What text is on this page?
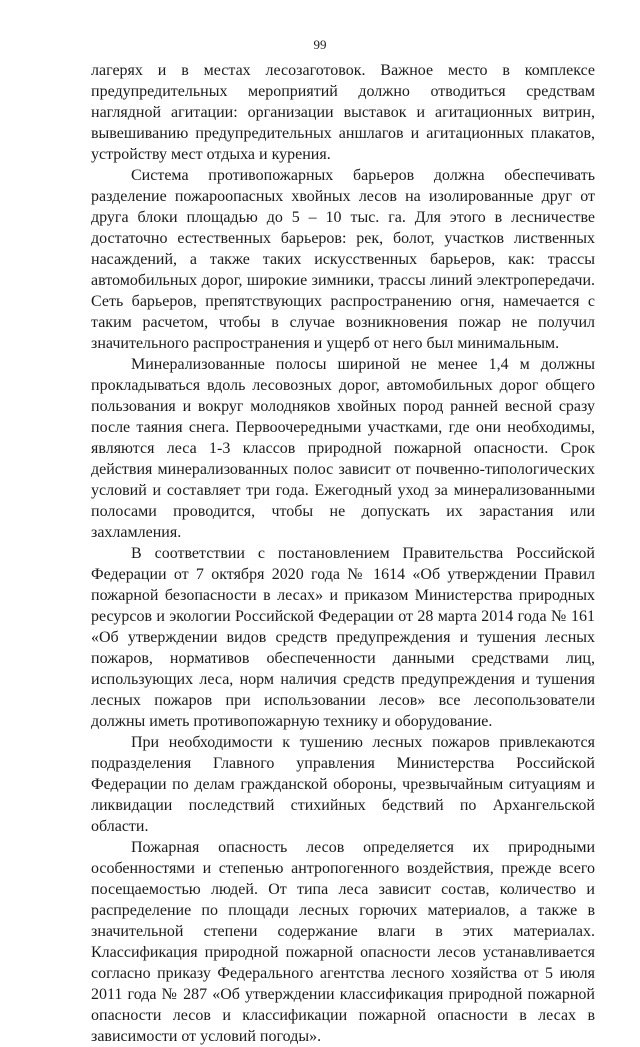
99

лагерях и в местах лесозаготовок. Важное место в комплексе предупредительных мероприятий должно отводиться средствам наглядной агитации: организации выставок и агитационных витрин, вывешиванию предупредительных аншлагов и агитационных плакатов, устройству мест отдыха и курения.

Система противопожарных барьеров должна обеспечивать разделение пожароопасных хвойных лесов на изолированные друг от друга блоки площадью до 5 – 10 тыс. га. Для этого в лесничестве достаточно естественных барьеров: рек, болот, участков лиственных насаждений, а также таких искусственных барьеров, как: трассы автомобильных дорог, широкие зимники, трассы линий электропередачи. Сеть барьеров, препятствующих распространению огня, намечается с таким расчетом, чтобы в случае возникновения пожар не получил значительного распространения и ущерб от него был минимальным.

Минерализованные полосы шириной не менее 1,4 м должны прокладываться вдоль лесовозных дорог, автомобильных дорог общего пользования и вокруг молодняков хвойных пород ранней весной сразу после таяния снега. Первоочередными участками, где они необходимы, являются леса 1-3 классов природной пожарной опасности. Срок действия минерализованных полос зависит от почвенно-типологических условий и составляет три года. Ежегодный уход за минерализованными полосами проводится, чтобы не допускать их зарастания или захламления.

В соответствии с постановлением Правительства Российской Федерации от 7 октября 2020 года № 1614 «Об утверждении Правил пожарной безопасности в лесах» и приказом Министерства природных ресурсов и экологии Российской Федерации от 28 марта 2014 года № 161 «Об утверждении видов средств предупреждения и тушения лесных пожаров, нормативов обеспеченности данными средствами лиц, использующих леса, норм наличия средств предупреждения и тушения лесных пожаров при использовании лесов» все лесопользователи должны иметь противопожарную технику и оборудование.

При необходимости к тушению лесных пожаров привлекаются подразделения Главного управления Министерства Российской Федерации по делам гражданской обороны, чрезвычайным ситуациям и ликвидации последствий стихийных бедствий по Архангельской области.

Пожарная опасность лесов определяется их природными особенностями и степенью антропогенного воздействия, прежде всего посещаемостью людей. От типа леса зависит состав, количество и распределение по площади лесных горючих материалов, а также в значительной степени содержание влаги в этих материалах. Классификация природной пожарной опасности лесов устанавливается согласно приказу Федерального агентства лесного хозяйства от 5 июля 2011 года № 287 «Об утверждении классификация природной пожарной опасности лесов и классификации пожарной опасности в лесах в зависимости от условий погоды».
